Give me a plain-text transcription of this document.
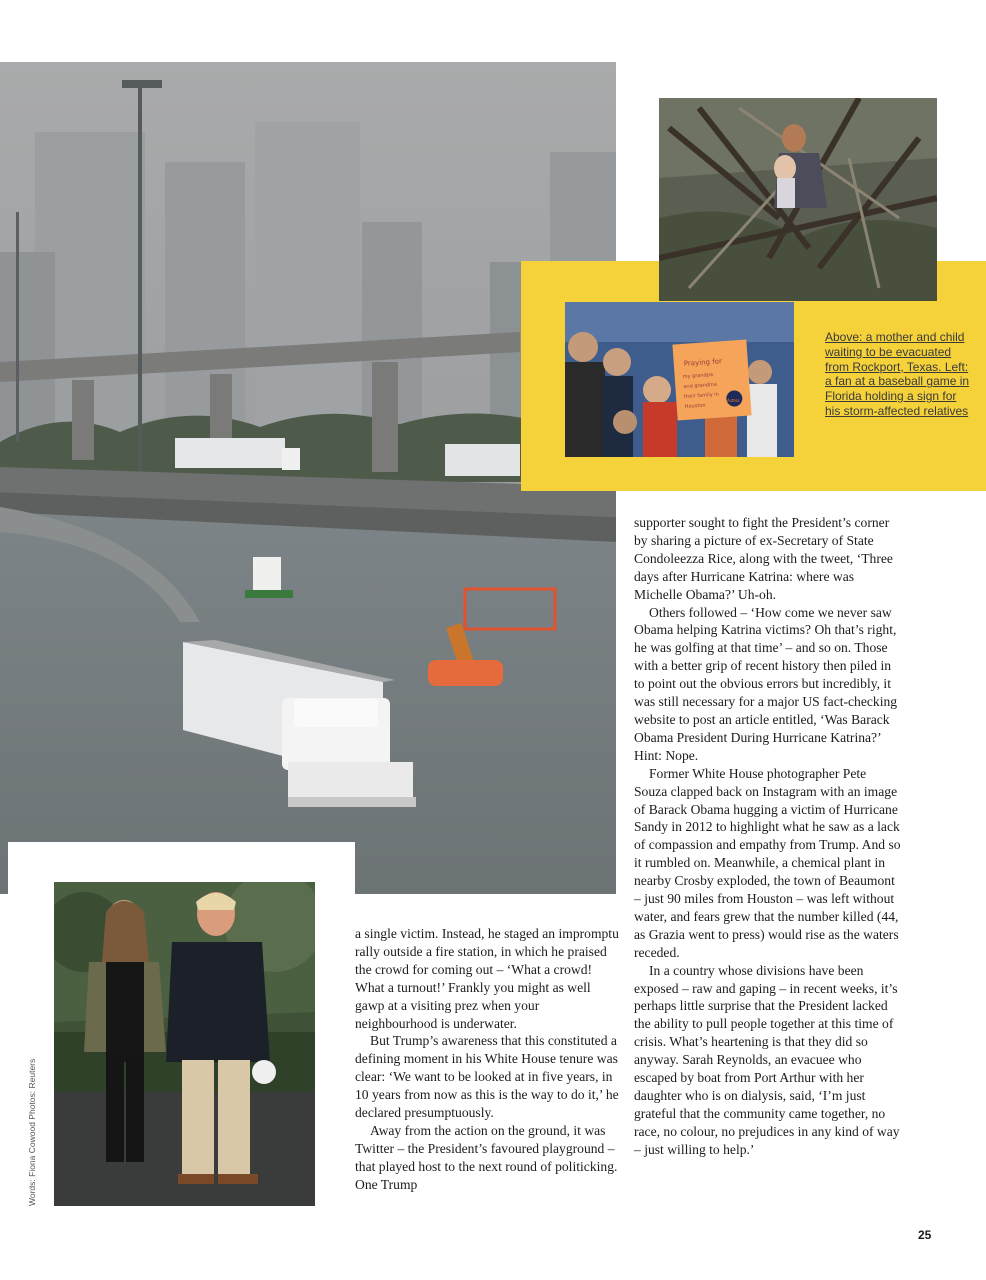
Praying for
my grandpa
and grandma
their family in
Houston
Astros
Above: a mother and child waiting to be evacuated from Rockport, Texas. Left: a fan at a baseball game in Florida holding a sign for his storm-affected relatives

a single victim. Instead, he staged an impromptu rally outside a fire station, in which he praised the crowd for coming out – ‘What a crowd! What a turnout!’ Frankly you might as well gawp at a visiting prez when your neighbourhood is underwater.

But Trump’s awareness that this constituted a defining moment in his White House tenure was clear: ‘We want to be looked at in five years, in 10 years from now as this is the way to do it,’ he declared presumptuously.

Away from the action on the ground, it was Twitter – the President’s favoured playground – that played host to the next round of politicking. One Trump

supporter sought to fight the President’s corner by sharing a picture of ex-Secretary of State Condoleezza Rice, along with the tweet, ‘Three days after Hurricane Katrina: where was Michelle Obama?’ Uh-oh.

Others followed – ‘How come we never saw Obama helping Katrina victims? Oh that’s right, he was golfing at that time’ – and so on. Those with a better grip of recent history then piled in to point out the obvious errors but incredibly, it was still necessary for a major US fact-checking website to post an article entitled, ‘Was Barack Obama President During Hurricane Katrina?’ Hint: Nope.

Former White House photographer Pete Souza clapped back on Instagram with an image of Barack Obama hugging a victim of Hurricane Sandy in 2012 to highlight what he saw as a lack of compassion and empathy from Trump. And so it rumbled on. Meanwhile, a chemical plant in nearby Crosby exploded, the town of Beaumont – just 90 miles from Houston – was left without water, and fears grew that the number killed (44, as Grazia went to press) would rise as the waters receded.

In a country whose divisions have been exposed – raw and gaping – in recent weeks, it’s perhaps little surprise that the President lacked the ability to pull people together at this time of crisis. What’s heartening is that they did so anyway. Sarah Reynolds, an evacuee who escaped by boat from Port Arthur with her daughter who is on dialysis, said, ‘I’m just grateful that the community came together, no race, no colour, no prejudices in any kind of way – just willing to help.’

Words: Fiona Cowood Photos: Reuters
25
